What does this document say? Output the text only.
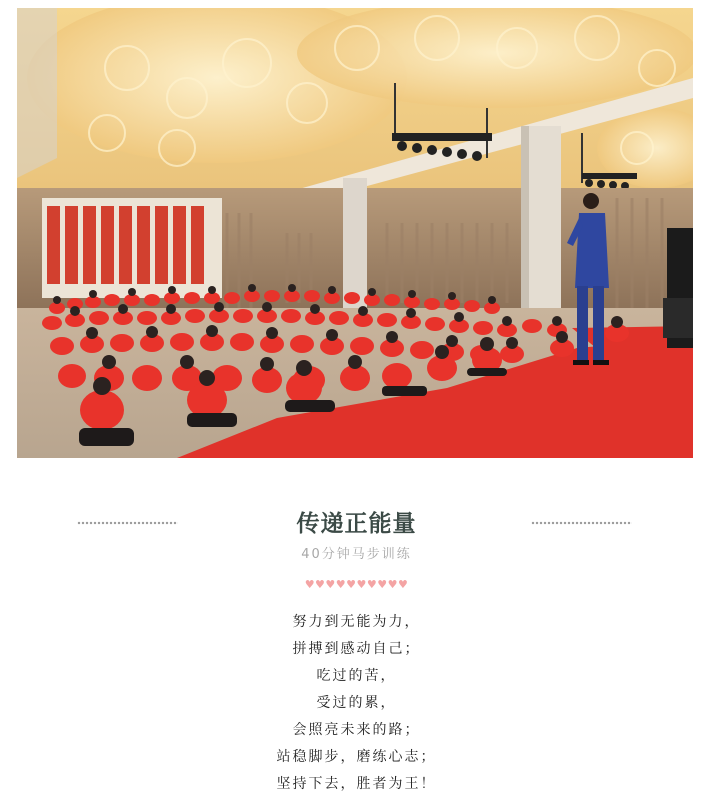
传递正能量
40分钟马步训练
♥♥♥♥♥♥♥♥♥♥
努力到无能为力，
拼搏到感动自己；
吃过的苦，
受过的累，
会照亮未来的路；
站稳脚步，磨练心志；
坚持下去，胜者为王！
